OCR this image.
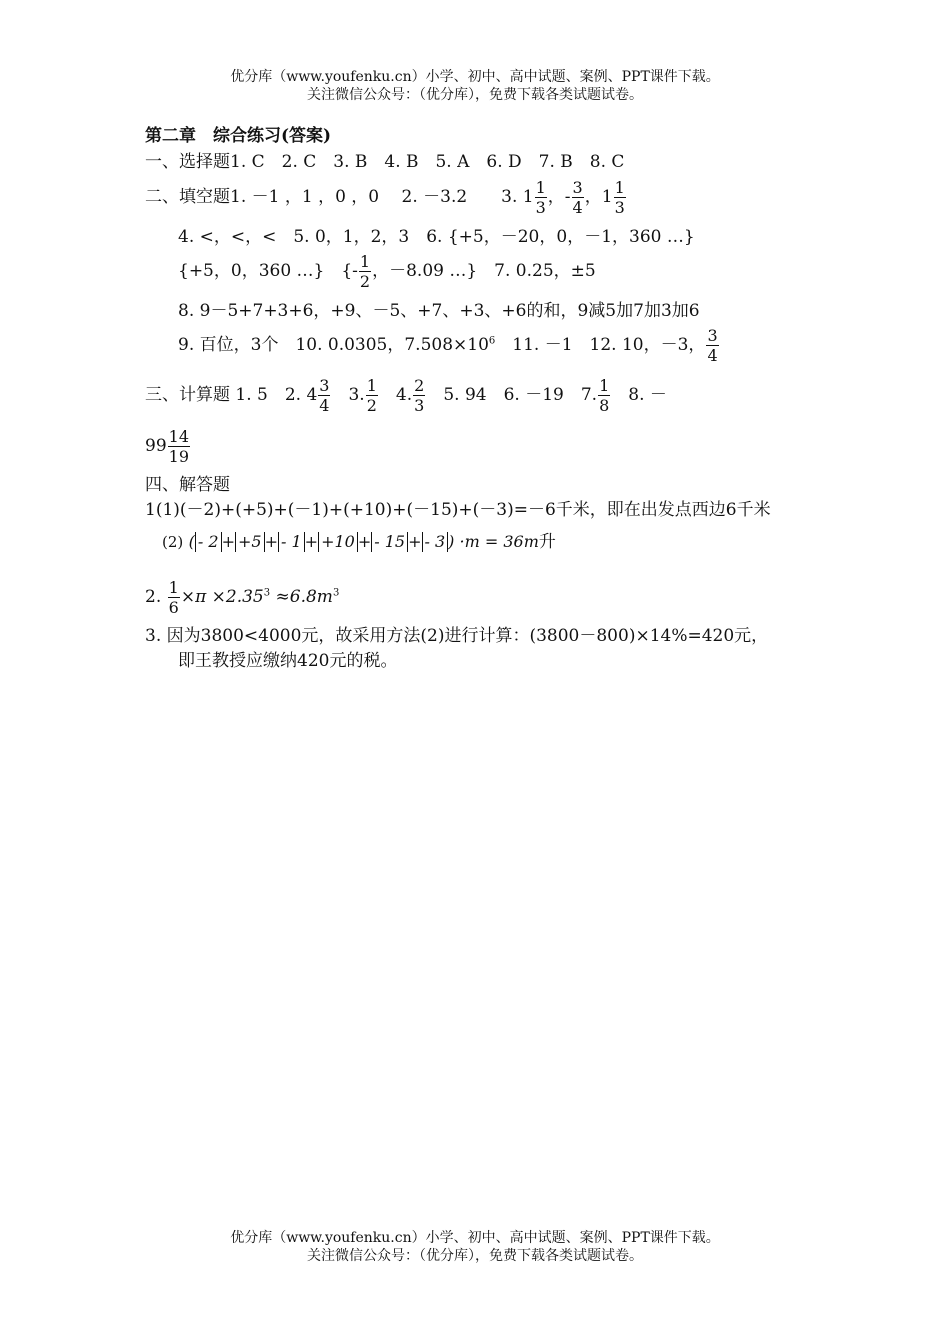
优分库（www.youfenku.cn）小学、初中、高中试题、案例、PPT课件下载。
关注微信公众号：（优分库），免费下载各类试题试卷。
第二章　综合练习(答案)
一、选择题1. C　2. C　3. B　4. B　5. A　6. D　7. B　8. C
二、填空题1. －1 ，1 ，0 ，0　 2. －3.2　　3. $1 \frac{1}{3}$ ，- $\frac{3}{4}$ ，$1 \frac{1}{3}$
4. <，<，<　5. 0，1，2，3　6. {+5，－20，0，－1，360 …}
{+5，0，360 …}　{- $\frac{1}{2}$ ，－8.09 …}　7. 0.25，±5
8. 9－5+7+3+6，+9、－5、+7、+3、+6的和，9减5加7加3加6
9. 百位，3个　10. 0.0305，$7.508\times 10^6$　11. －1　12. 10，－3， $\frac{3}{4}$
三、计算题 1. 5　2. $4 \frac{3}{4}$ 　3. $\frac{1}{2}$ 　4. $\frac{2}{3}$ 　5. 94　6. －19　7. $\frac{1}{8}$ 　8. －
$99 \frac{14}{19}$
四、解答题
1(1)(－2)+(+5)+(－1)+(+10)+(－15)+(－3)=－6千米，即在出发点西边6千米
(2) ( - 2 + +5 + - 1 + +10 + - 15 + - 3 ) ·m = 36m升
2. $\frac{1}{6} \times\pi \times 2.35^3 \approx 6.8m^3$
3. 因为3800<4000元，故采用方法(2)进行计算：(3800－800)×14%=420元，
即王教授应缴纳420元的税。
优分库（www.youfenku.cn）小学、初中、高中试题、案例、PPT课件下载。
关注微信公众号：（优分库），免费下载各类试题试卷。
